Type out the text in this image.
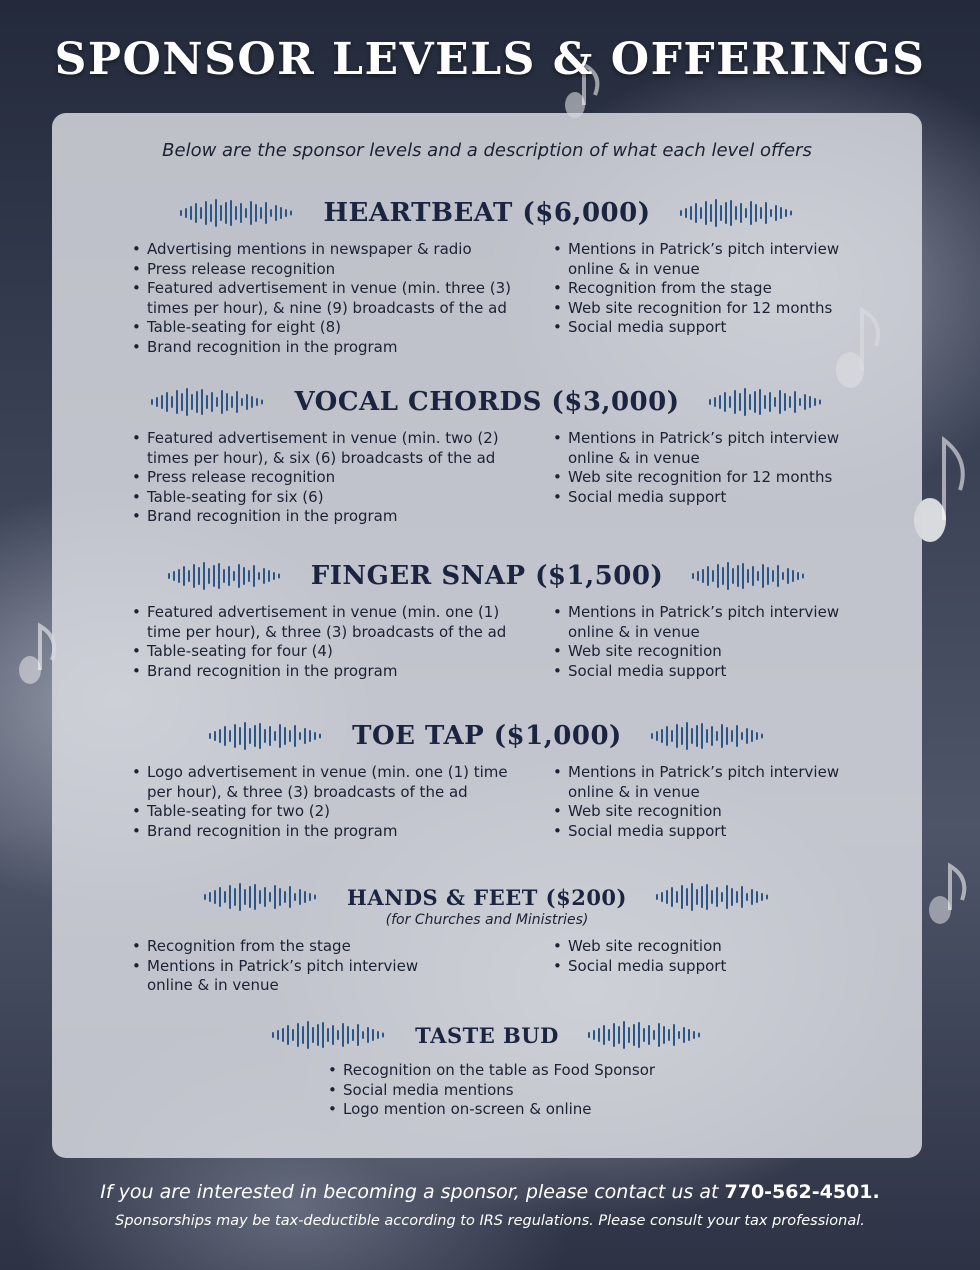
SPONSOR LEVELS & OFFERINGS
Below are the sponsor levels and a description of what each level offers
HEARTBEAT ($6,000)
• Advertising mentions in newspaper & radio
• Press release recognition
• Featured advertisement in venue (min. three (3) times per hour), & nine (9) broadcasts of the ad
• Table-seating for eight (8)
• Brand recognition in the program
• Mentions in Patrick’s pitch interview online & in venue
• Recognition from the stage
• Web site recognition for 12 months
• Social media support
VOCAL CHORDS ($3,000)
• Featured advertisement in venue (min. two (2) times per hour), & six (6) broadcasts of the ad
• Press release recognition
• Table-seating for six (6)
• Brand recognition in the program
• Mentions in Patrick’s pitch interview online & in venue
• Web site recognition for 12 months
• Social media support
FINGER SNAP ($1,500)
• Featured advertisement in venue (min. one (1) time per hour), & three (3) broadcasts of the ad
• Table-seating for four (4)
• Brand recognition in the program
• Mentions in Patrick’s pitch interview online & in venue
• Web site recognition
• Social media support
TOE TAP ($1,000)
• Logo advertisement in venue (min. one (1) time per hour), & three (3) broadcasts of the ad
• Table-seating for two (2)
• Brand recognition in the program
• Mentions in Patrick’s pitch interview online & in venue
• Web site recognition
• Social media support
HANDS & FEET ($200)
(for Churches and Ministries)
• Recognition from the stage
• Mentions in Patrick’s pitch interview online & in venue
• Web site recognition
• Social media support
TASTE BUD
• Recognition on the table as Food Sponsor
• Social media mentions
• Logo mention on-screen & online
If you are interested in becoming a sponsor, please contact us at 770-562-4501.
Sponsorships may be tax-deductible according to IRS regulations. Please consult your tax professional.
